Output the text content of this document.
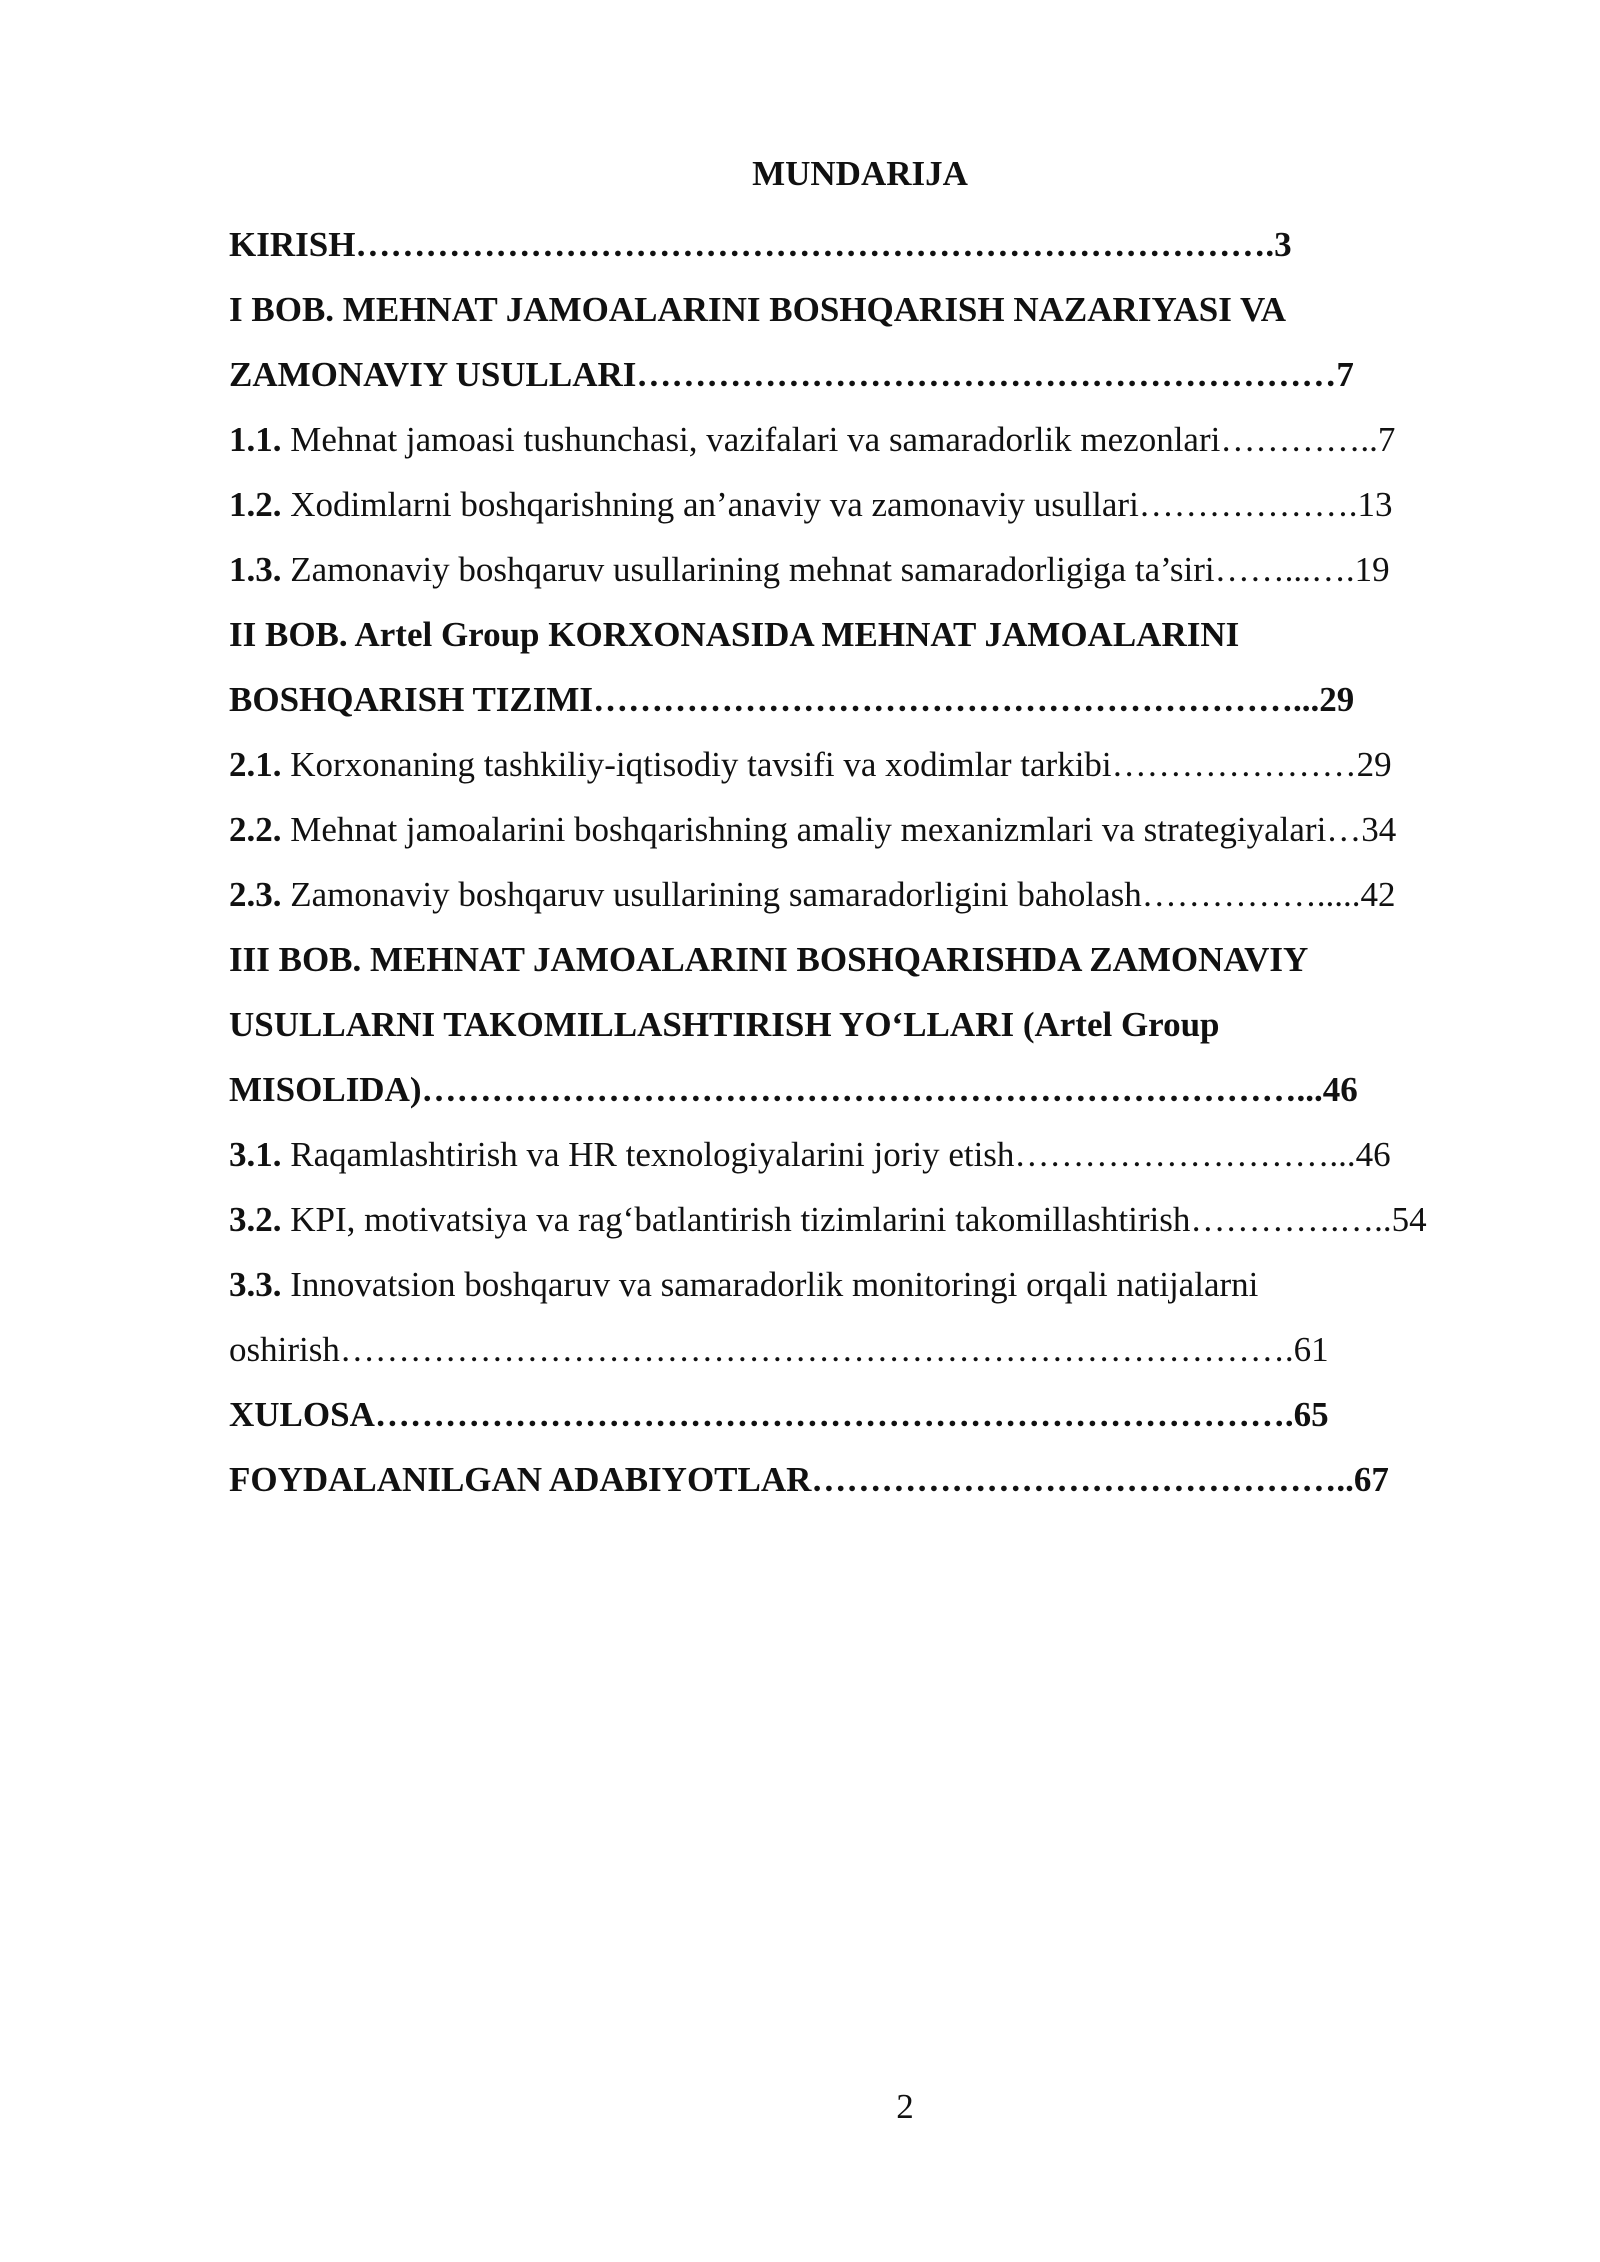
MUNDARIJA
KIRISH…………………………………………………………………….3
I BOB. MEHNAT JAMOALARINI BOSHQARISH NAZARIYASI VA
ZAMONAVIY USULLARI……………………………………………………7
1.1. Mehnat jamoasi tushunchasi, vazifalari va samaradorlik mezonlari…………..7
1.2. Xodimlarni boshqarishning an’anaviy va zamonaviy usullari……………….13
1.3. Zamonaviy boshqaruv usullarining mehnat samaradorligiga ta’siri……...….19
II BOB. Artel Group KORXONASIDA MEHNAT JAMOALARINI
BOSHQARISH TIZIMI……………………………………………………...29
2.1. Korxonaning tashkiliy-iqtisodiy tavsifi va xodimlar tarkibi…………………29
2.2. Mehnat jamoalarini boshqarishning amaliy mexanizmlari va strategiyalari…34
2.3. Zamonaviy boshqaruv usullarining samaradorligini baholash…………….....42
III BOB. MEHNAT JAMOALARINI BOSHQARISHDA ZAMONAVIY
USULLARNI TAKOMILLASHTIRISH YO‘LLARI (Artel Group
MISOLIDA)…………………………………………………………………...46
3.1. Raqamlashtirish va HR texnologiyalarini joriy etish………………………...46
3.2. KPI, motivatsiya va rag‘batlantirish tizimlarini takomillashtirish………….…..54
3.3. Innovatsion boshqaruv va samaradorlik monitoringi orqali natijalarni
oshirish……………………………………………………………………….61
XULOSA…………………………………………………………………….65
FOYDALANILGAN ADABIYOTLAR………………………………………..67
2
